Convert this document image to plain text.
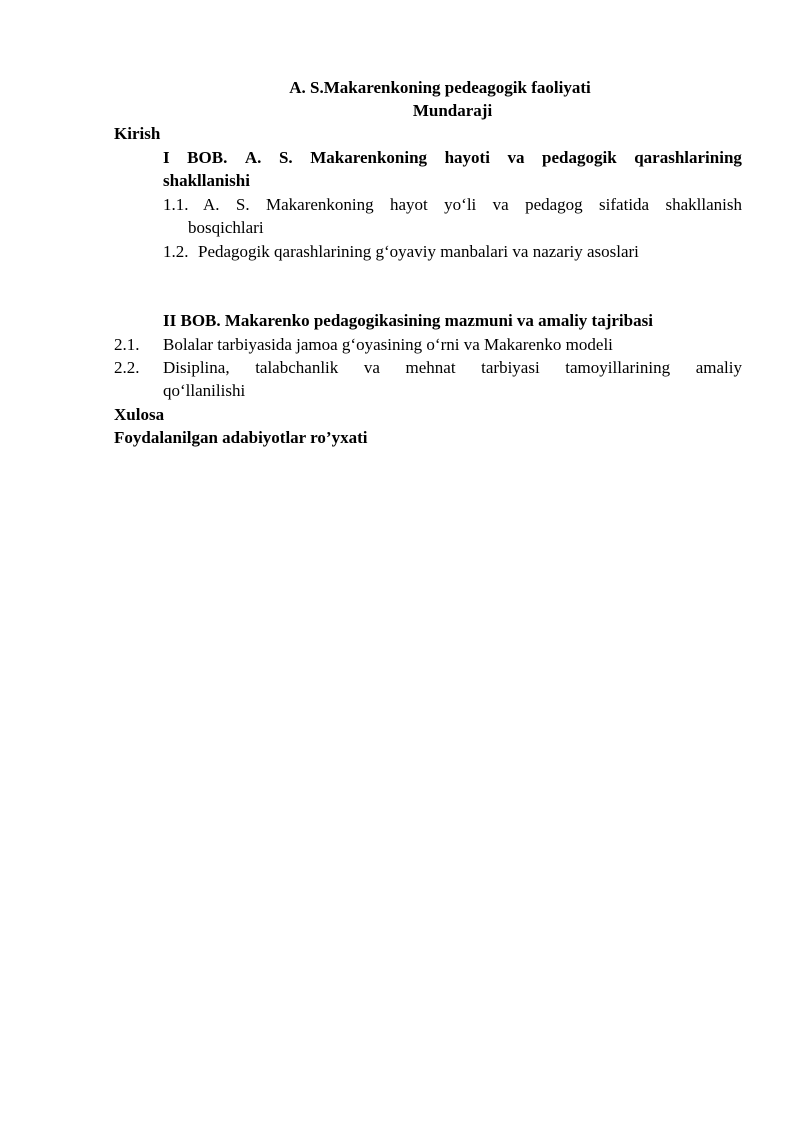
A. S.Makarenkoning pedeagogik faoliyati
Mundaraji
Kirish
I BOB. A. S. Makarenkoning hayoti va pedagogik qarashlarining
shakllanishi
1.1. A. S. Makarenkoning hayot yo‘li va pedagog sifatida shakllanish
bosqichlari
1.2. Pedagogik qarashlarining g‘oyaviy manbalari va nazariy asoslari
II BOB. Makarenko pedagogikasining mazmuni va amaliy tajribasi
2.1. Bolalar tarbiyasida jamoa g‘oyasining o‘rni va Makarenko modeli
2.2. Disiplina, talabchanlik va mehnat tarbiyasi tamoyillarining amaliy
qo‘llanilishi
Xulosa
Foydalanilgan adabiyotlar ro’yxati
